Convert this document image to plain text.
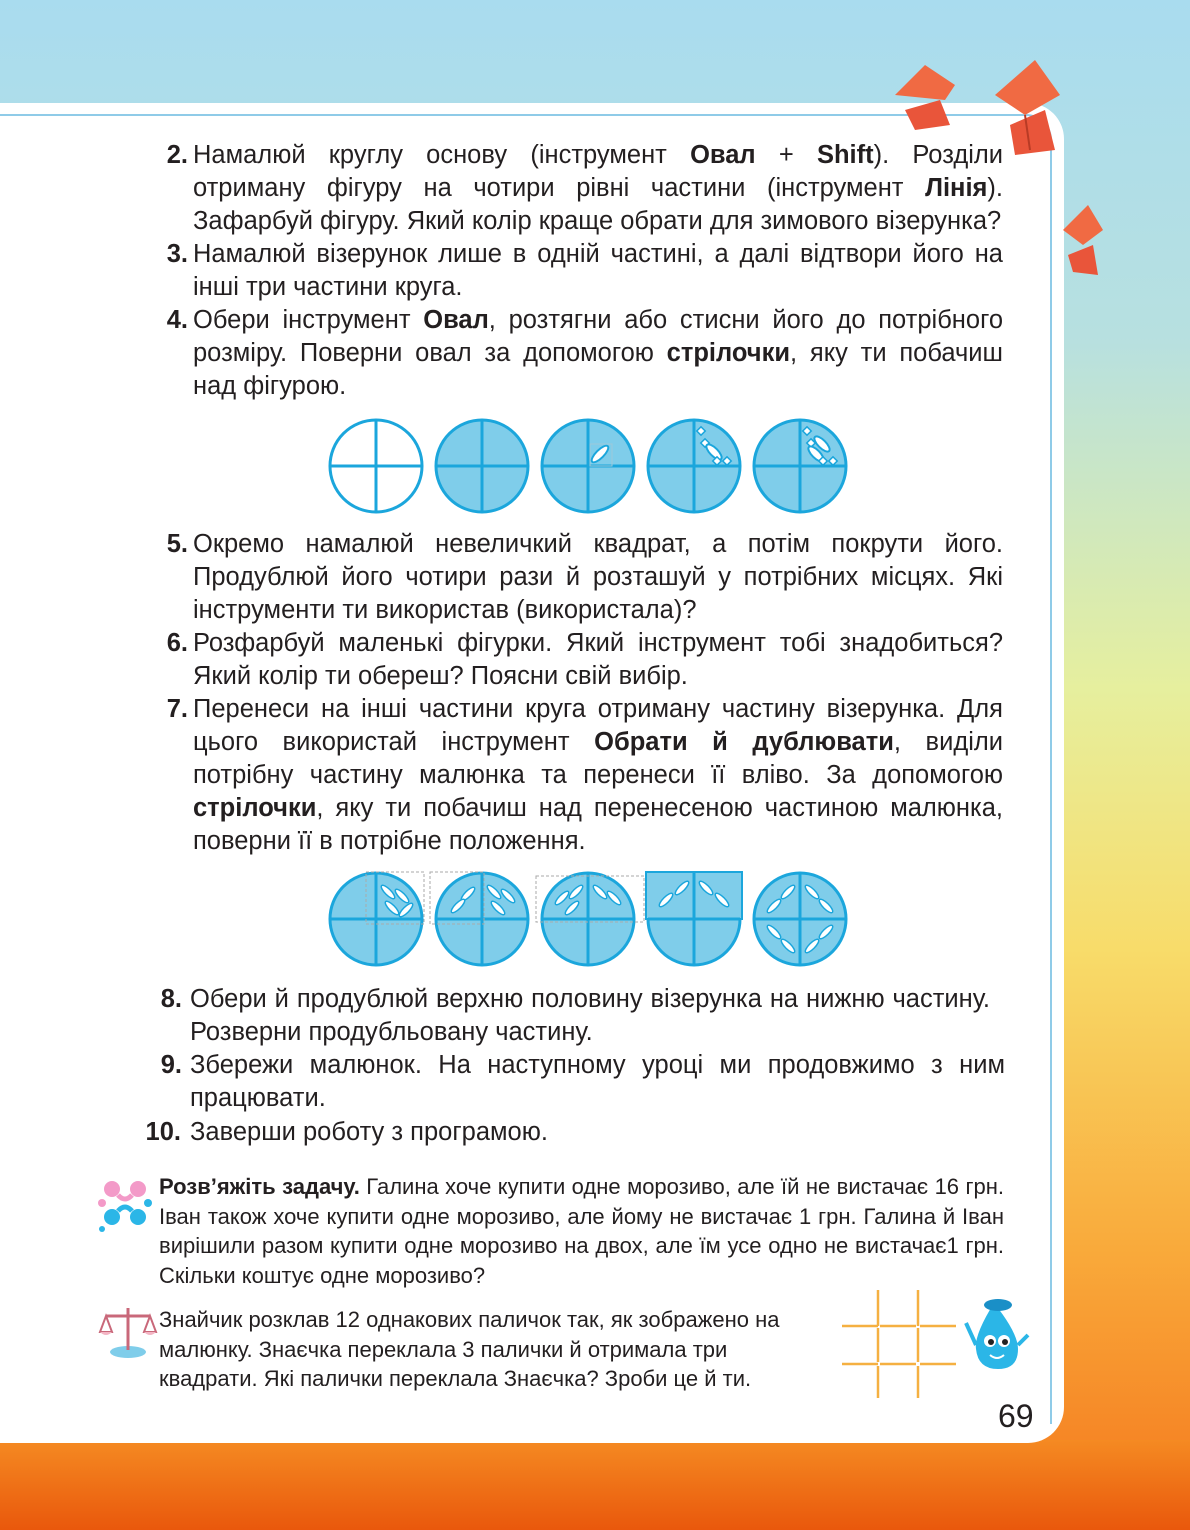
2. Намалюй круглу основу (інструмент Овал + Shift). Розділи отриману фігуру на чотири рівні частини (інструмент Лінія). Зафарбуй фігуру. Який колір краще обрати для зимового візерунка?
3. Намалюй візерунок лише в одній частині, а далі відтвори його на інші три частини круга.
4. Обери інструмент Овал, розтягни або стисни його до потрібного розміру. Поверни овал за допомогою стрілочки, яку ти побачиш над фігурою.
5. Окремо намалюй невеличкий квадрат, а потім покрути його. Продублюй його чотири рази й розташуй у потрібних місцях. Які інструменти ти використав (використала)?
6. Розфарбуй маленькі фігурки. Який інструмент тобі знадобиться? Який колір ти обереш? Поясни свій вибір.
7. Перенеси на інші частини круга отриману частину візерунка. Для цього використай інструмент Обрати й дублювати, виділи потрібну частину малюнка та перенеси її вліво. За допомогою стрілочки, яку ти побачиш над перенесеною частиною малюнка, поверни її в потрібне положення.
8. Обери й продублюй верхню половину візерунка на нижню частину. Розверни продубльовану частину.
9. Збережи малюнок. На наступному уроці ми продовжимо з ним працювати.
10. Заверши роботу з програмою.
Розв’яжіть задачу. Галина хоче купити одне морозиво, але їй не вистачає 16 грн. Іван також хоче купити одне морозиво, але йому не вистачає 1 грн. Галина й Іван вирішили разом купити одне морозиво на двох, але їм усе одно не вистачає1 грн. Скільки коштує одне морозиво?
Знайчик розклав 12 однакових паличок так, як зображено на малюнку. Знаєчка переклала 3 палички й отримала три квадрати. Які палички переклала Знаєчка? Зроби це й ти.
69
